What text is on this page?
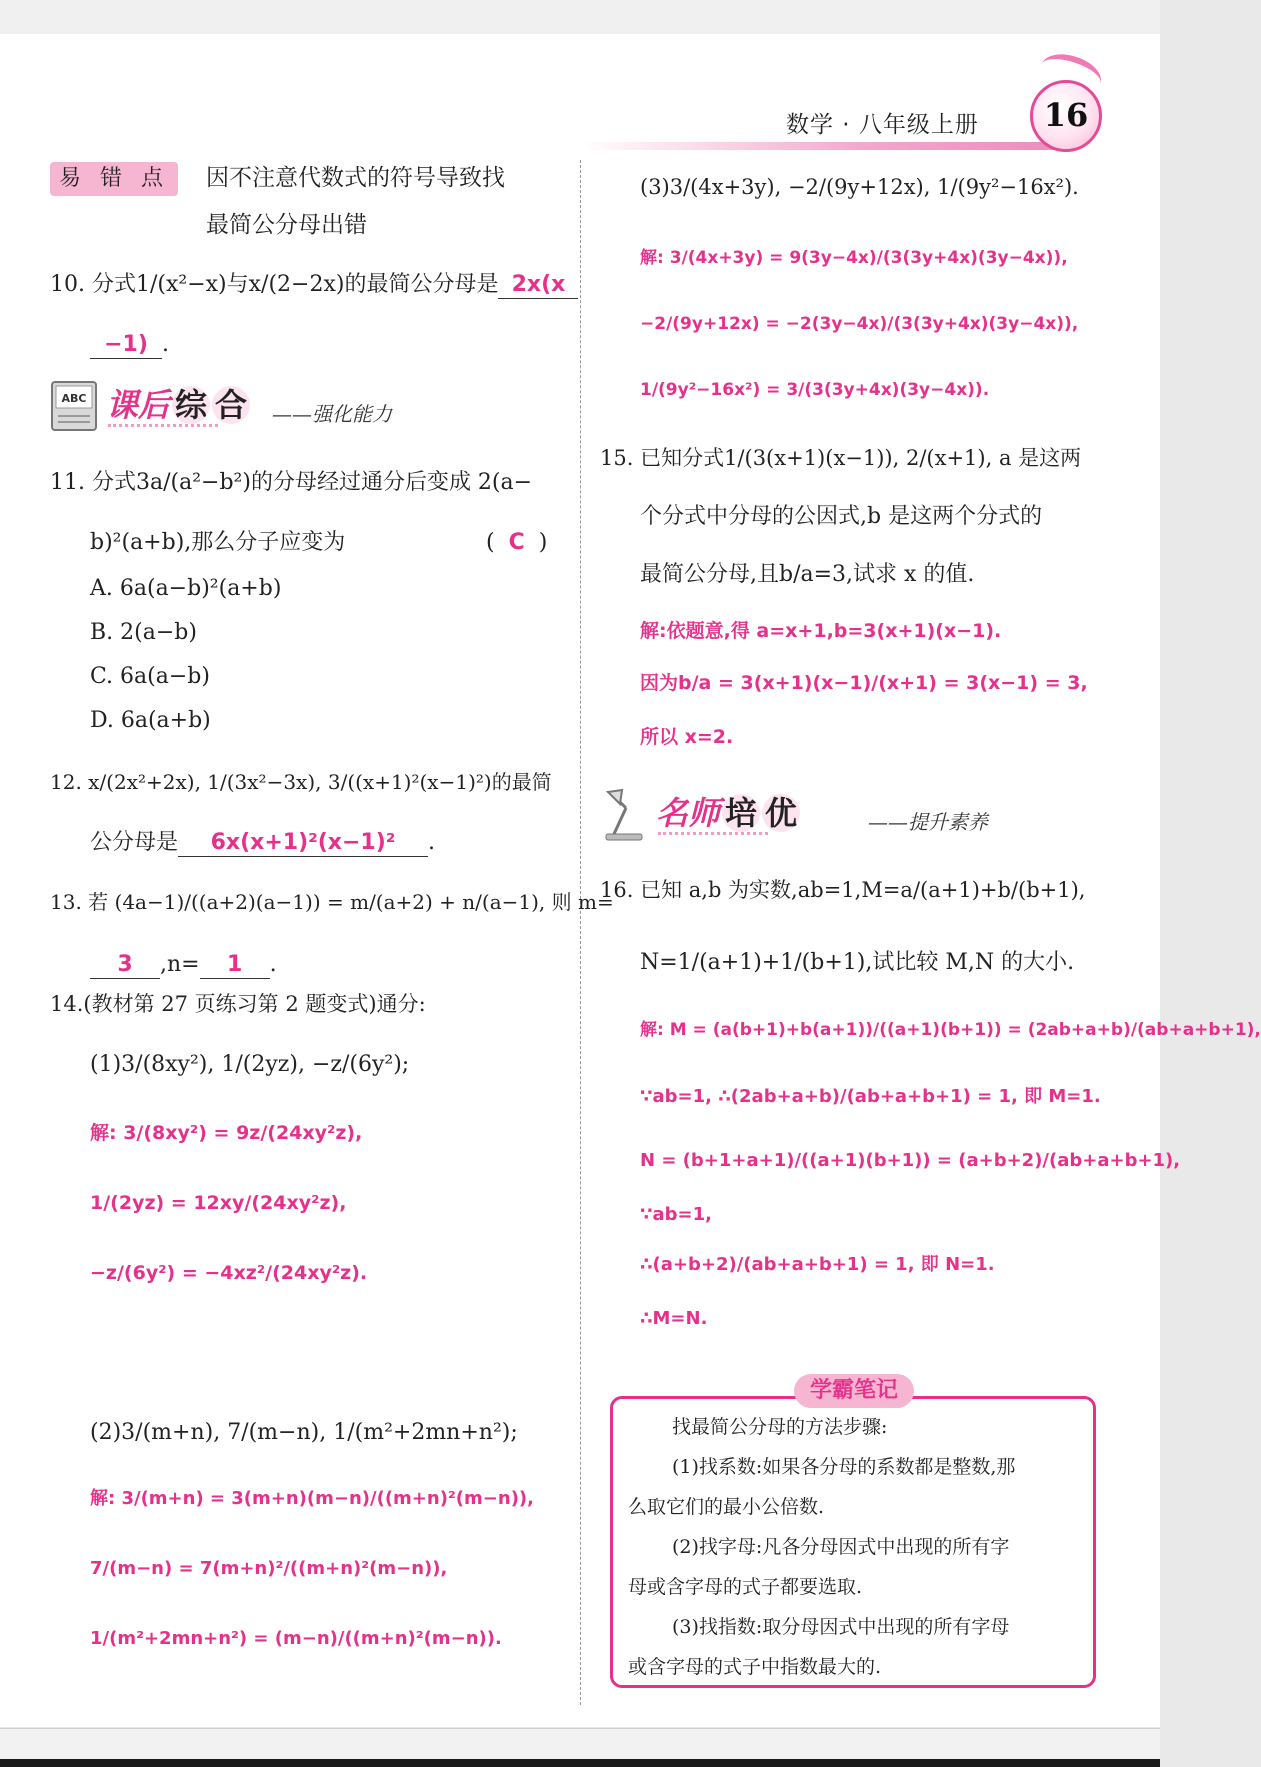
数学 · 八年级上册	16
易 错 点	因不注意代数式的符号导致找
最简公分母出错
10. 分式1/(x²−x)与x/(2−2x)的最简公分母是 2x(x
−1) .
ABC 课后 综 合 ——强化能力
11. 分式3a/(a²−b²)的分母经过通分后变成 2(a−
b)²(a+b),那么分子应变为	( C )
A. 6a(a−b)²(a+b)
B. 2(a−b)
C. 6a(a−b)
D. 6a(a+b)
12. x/(2x²+2x), 1/(3x²−3x), 3/((x+1)²(x−1)²)的最简
公分母是 6x(x+1)²(x−1)² .
13. 若 (4a−1)/((a+2)(a−1)) = m/(a+2) + n/(a−1), 则 m=
3 ,n= 1 .
14.(教材第 27 页练习第 2 题变式)通分:
(1)3/(8xy²), 1/(2yz), −z/(6y²);
解: 3/(8xy²) = 9z/(24xy²z),
1/(2yz) = 12xy/(24xy²z),
−z/(6y²) = −4xz²/(24xy²z).
(2)3/(m+n), 7/(m−n), 1/(m²+2mn+n²);
解: 3/(m+n) = 3(m+n)(m−n)/((m+n)²(m−n)),
7/(m−n) = 7(m+n)²/((m+n)²(m−n)),
1/(m²+2mn+n²) = (m−n)/((m+n)²(m−n)).
(3)3/(4x+3y), −2/(9y+12x), 1/(9y²−16x²).
解: 3/(4x+3y) = 9(3y−4x)/(3(3y+4x)(3y−4x)),
−2/(9y+12x) = −2(3y−4x)/(3(3y+4x)(3y−4x)),
1/(9y²−16x²) = 3/(3(3y+4x)(3y−4x)).
15. 已知分式1/(3(x+1)(x−1)), 2/(x+1), a 是这两
个分式中分母的公因式,b 是这两个分式的
最简公分母,且b/a=3,试求 x 的值.
解:依题意,得 a=x+1,b=3(x+1)(x−1).
因为b/a = 3(x+1)(x−1)/(x+1) = 3(x−1) = 3,
所以 x=2.
名师 培 优	——提升素养
16. 已知 a,b 为实数,ab=1,M=a/(a+1)+b/(b+1),
N=1/(a+1)+1/(b+1),试比较 M,N 的大小.
解: M = (a(b+1)+b(a+1))/((a+1)(b+1)) = (2ab+a+b)/(ab+a+b+1),
∵ab=1, ∴(2ab+a+b)/(ab+a+b+1) = 1, 即 M=1.
N = (b+1+a+1)/((a+1)(b+1)) = (a+b+2)/(ab+a+b+1),
∵ab=1,
∴(a+b+2)/(ab+a+b+1) = 1, 即 N=1.
∴M=N.
学霸笔记
找最简公分母的方法步骤:
(1)找系数:如果各分母的系数都是整数,那
么取它们的最小公倍数.
(2)找字母:凡各分母因式中出现的所有字
母或含字母的式子都要选取.
(3)找指数:取分母因式中出现的所有字母
或含字母的式子中指数最大的.
